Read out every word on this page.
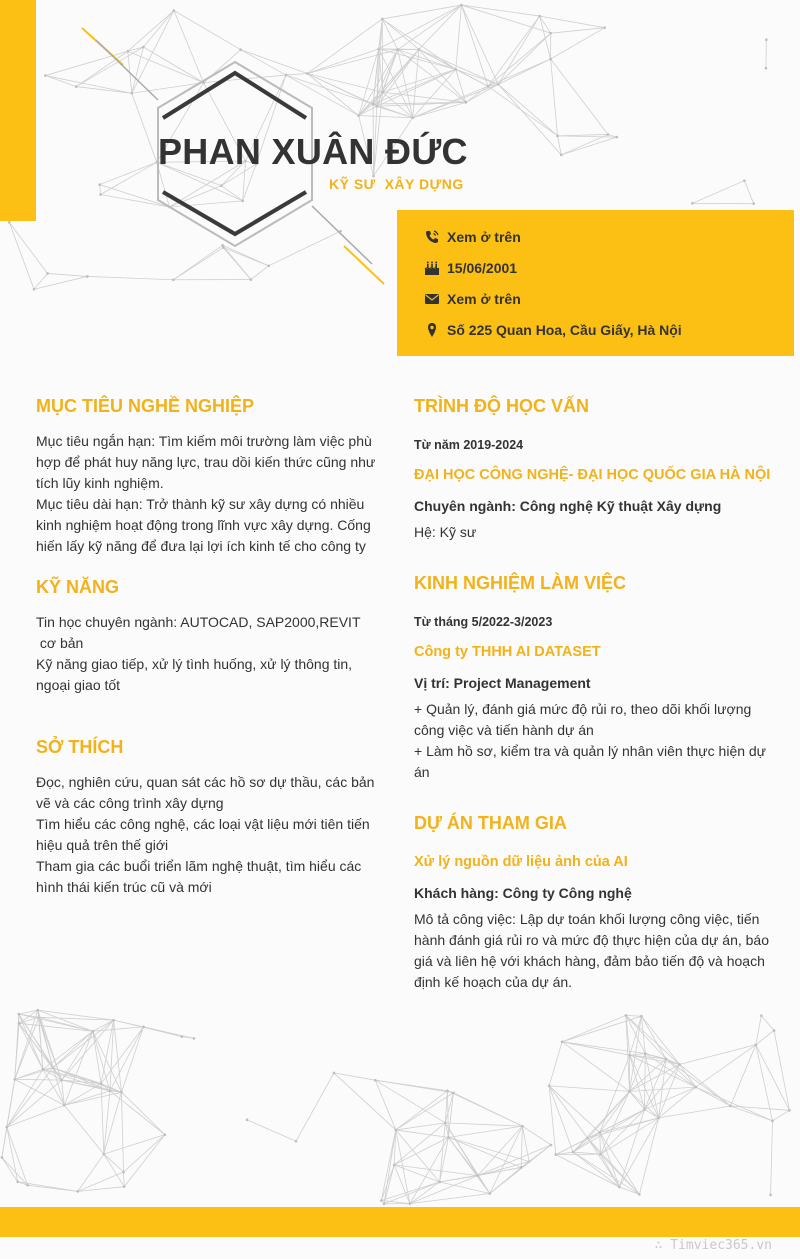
PHAN XUÂN ĐỨC
KỸ SƯ  XÂY DỰNG
Xem ở trên
15/06/2001
Xem ở trên
Số 225 Quan Hoa, Cầu Giấy, Hà Nội
MỤC TIÊU NGHỀ NGHIỆP
Mục tiêu ngắn hạn: Tìm kiếm môi trường làm việc phù
hợp để phát huy năng lực, trau dồi kiến thức cũng như
tích lũy kinh nghiệm.
Mục tiêu dài hạn: Trở thành kỹ sư xây dựng có nhiều
kinh nghiệm hoạt động trong lĩnh vực xây dựng. Cống
hiến lấy kỹ năng để đưa lại lợi ích kinh tế cho công ty
KỸ NĂNG
Tin học chuyên ngành: AUTOCAD, SAP2000,REVIT
cơ bản
Kỹ năng giao tiếp, xử lý tình huống, xử lý thông tin,
ngoại giao tốt
SỞ THÍCH
Đọc, nghiên cứu, quan sát các hồ sơ dự thầu, các bản
vẽ và các công trình xây dựng
Tìm hiểu các công nghệ, các loại vật liệu mới tiên tiến
hiệu quả trên thế giới
Tham gia các buổi triển lãm nghệ thuật, tìm hiểu các
hình thái kiến trúc cũ và mới
TRÌNH ĐỘ HỌC VẤN
Từ năm 2019-2024
ĐẠI HỌC CÔNG NGHỆ- ĐẠI HỌC QUỐC GIA HÀ NỘI
Chuyên ngành: Công nghệ Kỹ thuật Xây dựng
Hệ: Kỹ sư
KINH NGHIỆM LÀM VIỆC
Từ tháng 5/2022-3/2023
Công ty THHH AI DATASET
Vị trí: Project Management
+ Quản lý, đánh giá mức độ rủi ro, theo dõi khối lượng
công việc và tiến hành dự án
+ Làm hồ sơ, kiểm tra và quản lý nhân viên thực hiện dự
án
DỰ ÁN THAM GIA
Xử lý nguồn dữ liệu ảnh của AI
Khách hàng: Công ty Công nghệ
Mô tả công việc: Lập dự toán khối lượng công việc, tiến
hành đánh giá rủi ro và mức độ thực hiện của dự án, báo
giá và liên hệ với khách hàng, đảm bảo tiến độ và hoạch
định kế hoạch của dự án.
∴ Timviec365.vn
